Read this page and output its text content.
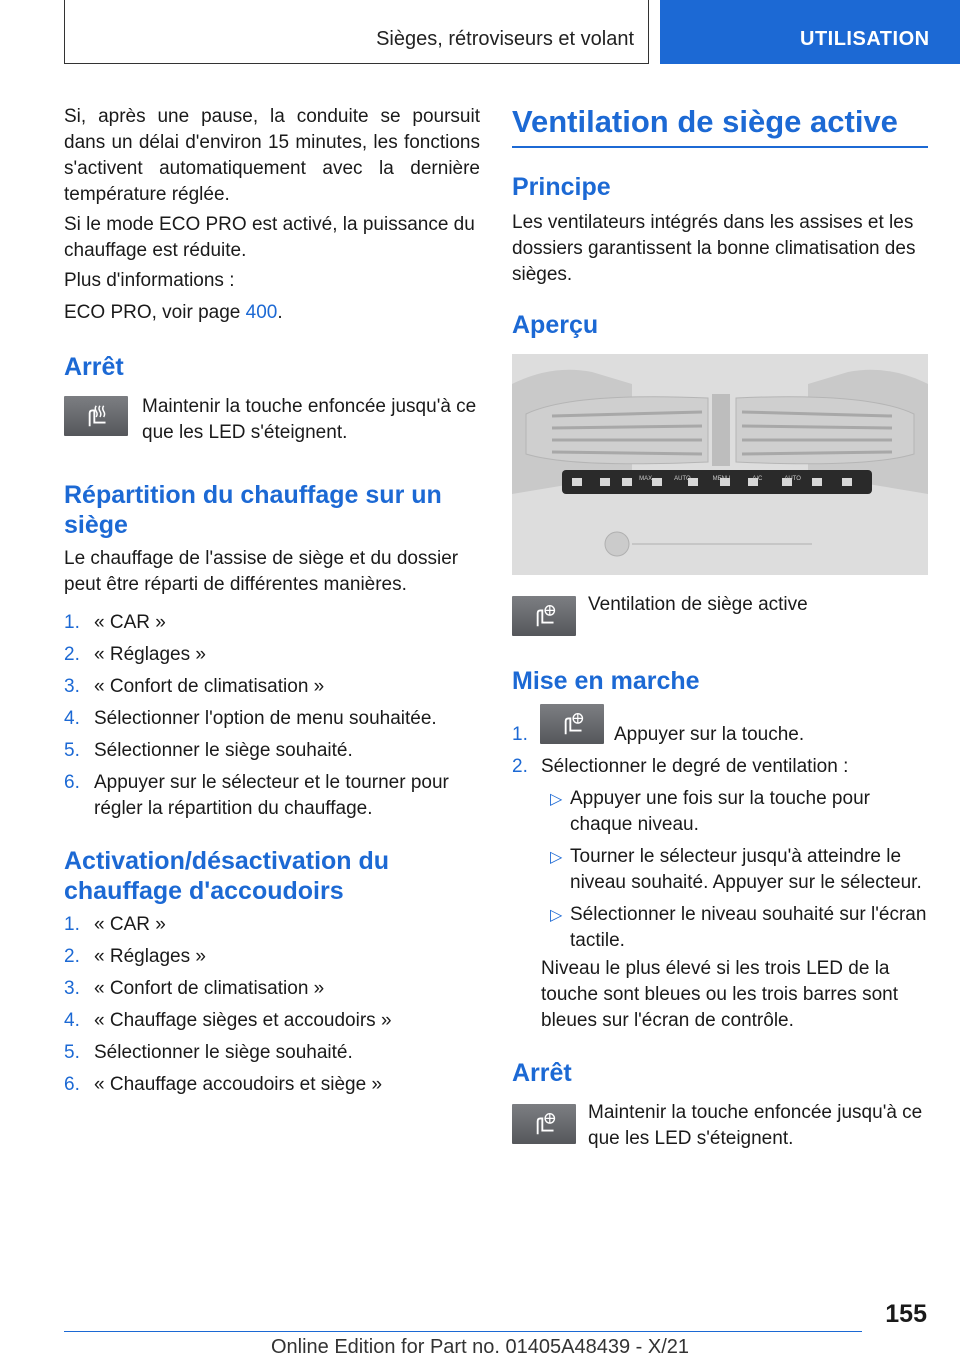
Sièges, rétroviseurs et volant	UTILISATION

Si, après une pause, la conduite se poursuit dans un délai d'environ 15 minutes, les fonctions s'activent automatiquement avec la dernière température réglée.

Si le mode ECO PRO est activé, la puissance du chauffage est réduite.

Plus d'informations :

ECO PRO, voir page 400.

Arrêt

Maintenir la touche enfoncée jusqu'à ce que les LED s'éteignent.

Répartition du chauffage sur un siège

Le chauffage de l'assise de siège et du dossier peut être réparti de différentes manières.

1. « CAR »
2. « Réglages »
3. « Confort de climatisation »
4. Sélectionner l'option de menu souhaitée.
5. Sélectionner le siège souhaité.
6. Appuyer sur le sélecteur et le tourner pour régler la répartition du chauffage.
Activation/désactivation du chauffage d'accoudoirs
1. « CAR »
2. « Réglages »
3. « Confort de climatisation »
4. « Chauffage sièges et accoudoirs »
5. Sélectionner le siège souhaité.
6. « Chauffage accoudoirs et siège »
Ventilation de siège active
Principe

Les ventilateurs intégrés dans les assises et les dossiers garantissent la bonne climatisation des sièges.

Aperçu
MAX	AUTO	MENU	A/C	AUTO

Ventilation de siège active

Mise en marche
1.	Appuyer sur la touche.
2. Sélectionner le degré de ventilation :
▷ Appuyer une fois sur la touche pour chaque niveau.
▷ Tourner le sélecteur jusqu'à atteindre le niveau souhaité. Appuyer sur le sélecteur.
▷ Sélectionner le niveau souhaité sur l'écran tactile.

Niveau le plus élevé si les trois LED de la touche sont bleues ou les trois barres sont bleues sur l'écran de contrôle.

Arrêt

Maintenir la touche enfoncée jusqu'à ce que les LED s'éteignent.

155
Online Edition for Part no. 01405A48439 - X/21
